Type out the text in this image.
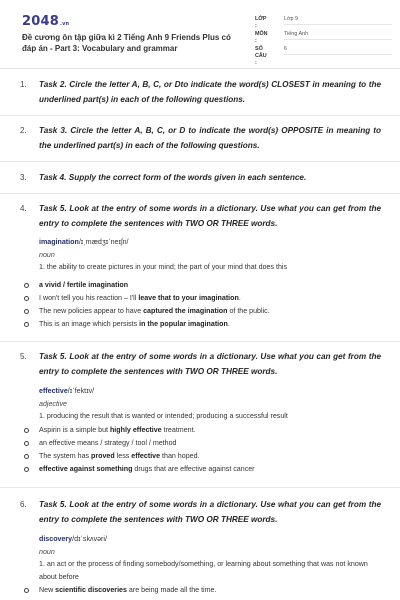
2048.vn
Đề cương ôn tập giữa kì 2 Tiếng Anh 9 Friends Plus có đáp án - Part 3: Vocabulary and grammar
LỚP :
Lớp 9
MÔN :
Tiếng Anh
SỐ CÂU :
6
1. Task 2. Circle the letter A, B, C, or Dto indicate the word(s) CLOSEST in meaning to the underlined part(s) in each of the following questions.
2. Task 3. Circle the letter A, B, C, or D to indicate the word(s) OPPOSITE in meaning to the underlined part(s) in each of the following questions.
3. Task 4. Supply the correct form of the words given in each sentence.
4. Task 5. Look at the entry of some words in a dictionary. Use what you can get from the entry to complete the sentences with TWO OR THREE words.
imagination/ɪˌmædʒɪˈneɪʃn/
noun
1. the ability to create pictures in your mind; the part of your mind that does this
a vivid / fertile imagination
I won't tell you his reaction – I'll leave that to your imagination.
The new policies appear to have captured the imagination of the public.
This is an image which persists in the popular imagination.
5. Task 5. Look at the entry of some words in a dictionary. Use what you can get from the entry to complete the sentences with TWO OR THREE words.
effective/ɪˈfektɪv/
adjective
1. producing the result that is wanted or intended; producing a successful result
Aspirin is a simple but highly effective treatment.
an effective means / strategy / tool / method
The system has proved less effective than hoped.
effective against something drugs that are effective against cancer
6. Task 5. Look at the entry of some words in a dictionary. Use what you can get from the entry to complete the sentences with TWO OR THREE words.
discovery/dɪˈskʌvəri/
noun
1. an act or the process of finding somebody/something, or learning about something that was not known about before
New scientific discoveries are being made all the time.
